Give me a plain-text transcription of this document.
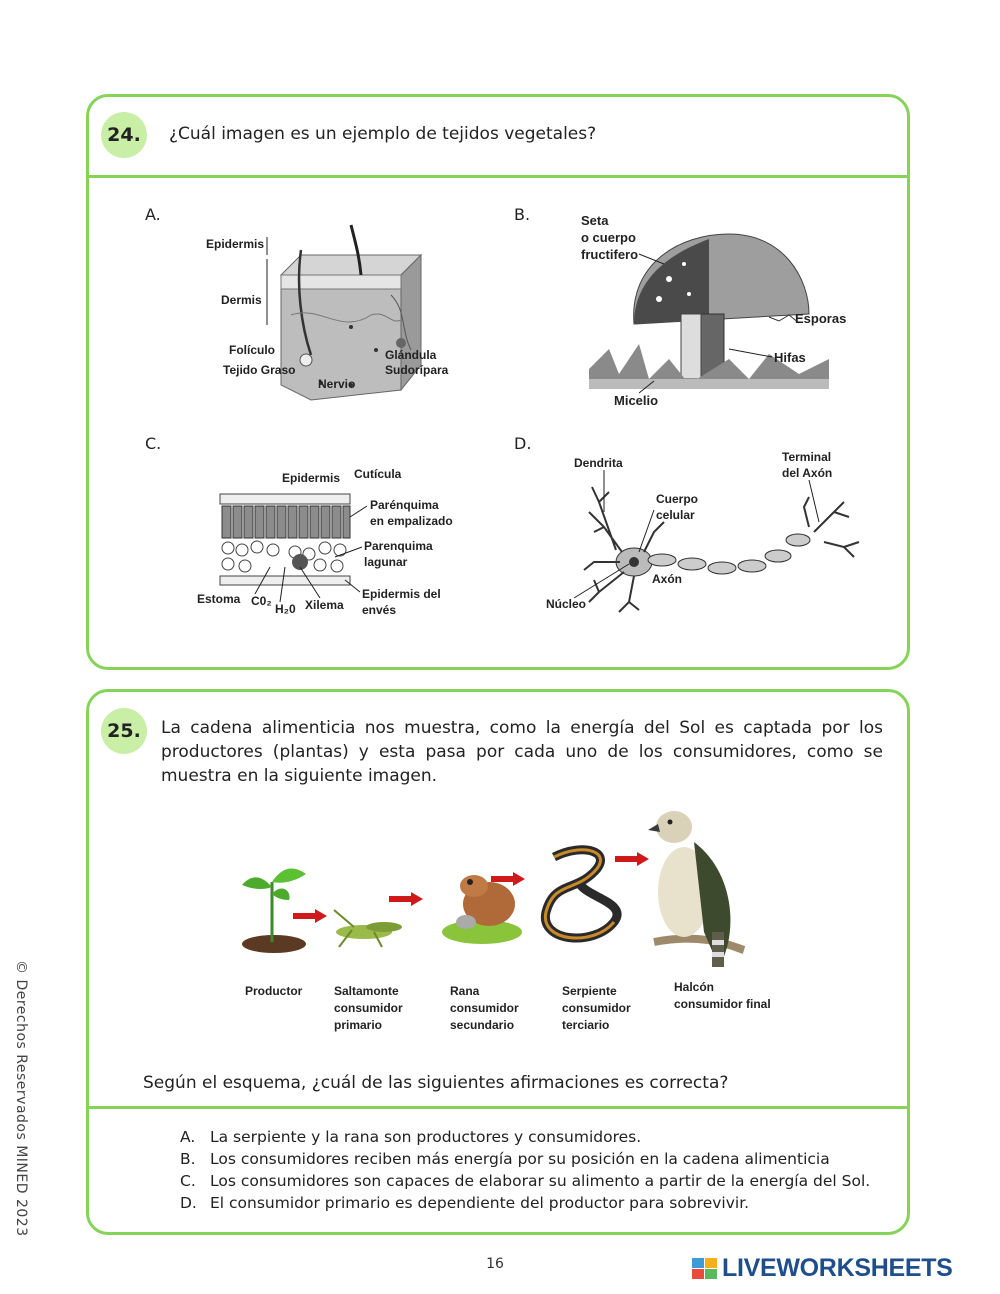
24.	¿Cuál imagen es un ejemplo de tejidos vegetales?
A.
Epidermis
Dermis
Folículo
Tejido Graso
Nervio
Glándula
Sudorípara
B.	Seta
o cuerpo
fructifero
Esporas
Hifas
Micelio
C.
Epidermis Cutícula
Parénquima
en empalizado
Parenquima
lagunar
Estoma C0₂
H₂0 Xilema
Epidermis del
envés
D.
Dendrita	Terminal
del Axón
Cuerpo
celular
Axón
Núcleo
25.	La cadena alimenticia nos muestra, como la energía del Sol es captada por los productores (plantas) y esta pasa por cada uno de los consumidores, como se muestra en la siguiente imagen.
Productor	Saltamonte
consumidor
primario
Rana
consumidor
secundario
Serpiente
consumidor
terciario
Halcón
consumidor final
Según el esquema, ¿cuál de las siguientes afirmaciones es correcta?
A. La serpiente y la rana son productores y consumidores.
B. Los consumidores reciben más energía por su posición en la cadena alimenticia
C. Los consumidores son capaces de elaborar su alimento a partir de la energía del Sol.
D. El consumidor primario es dependiente del productor para sobrevivir.
© Derechos Reservados MINED 2023
16	LIVEWORKSHEETS
